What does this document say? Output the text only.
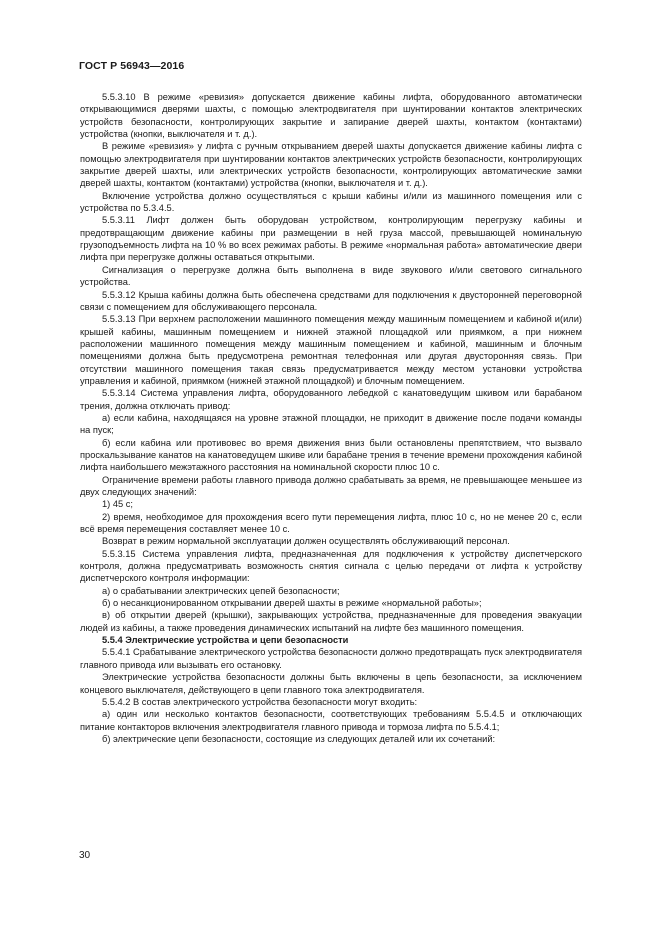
ГОСТ Р 56943—2016

5.5.3.10 В режиме «ревизия» допускается движение кабины лифта, оборудованного автоматически открывающимися дверями шахты, с помощью электродвигателя при шунтировании контактов электрических устройств безопасности, контролирующих закрытие и запирание дверей шахты, контактом (контактами) устройства (кнопки, выключателя и т. д.).

В режиме «ревизия» у лифта с ручным открыванием дверей шахты допускается движение кабины лифта с помощью электродвигателя при шунтировании контактов электрических устройств безопасности, контролирующих закрытие дверей шахты, или электрических устройств безопасности, контролирующих автоматические замки дверей шахты, контактом (контактами) устройства (кнопки, выключателя и т. д.).

Включение устройства должно осуществляться с крыши кабины и/или из машинного помещения или с устройства по 5.3.4.5.

5.5.3.11 Лифт должен быть оборудован устройством, контролирующим перегрузку кабины и предотвращающим движение кабины при размещении в ней груза массой, превышающей номинальную грузоподъемность лифта на 10 % во всех режимах работы. В режиме «нормальная работа» автоматические двери лифта при перегрузке должны оставаться открытыми.

Сигнализация о перегрузке должна быть выполнена в виде звукового и/или светового сигнального устройства.

5.5.3.12 Крыша кабины должна быть обеспечена средствами для подключения к двусторонней переговорной связи с помещением для обслуживающего персонала.

5.5.3.13 При верхнем расположении машинного помещения между машинным помещением и кабиной и(или) крышей кабины, машинным помещением и нижней этажной площадкой или приямком, а при нижнем расположении машинного помещения между машинным помещением и кабиной, машинным и блочным помещениями должна быть предусмотрена ремонтная телефонная или другая двусторонняя связь. При отсутствии машинного помещения такая связь предусматривается между местом установки устройства управления и кабиной, приямком (нижней этажной площадкой) и блочным помещением.

5.5.3.14 Система управления лифта, оборудованного лебедкой с канатоведущим шкивом или барабаном трения, должна отключать привод:

а) если кабина, находящаяся на уровне этажной площадки, не приходит в движение после подачи команды на пуск;

б) если кабина или противовес во время движения вниз были остановлены препятствием, что вызвало проскальзывание канатов на канатоведущем шкиве или барабане трения в течение времени прохождения кабиной лифта наибольшего межэтажного расстояния на номинальной скорости плюс 10 с.

Ограничение времени работы главного привода должно срабатывать за время, не превышающее меньшее из двух следующих значений:

1) 45 с;

2) время, необходимое для прохождения всего пути перемещения лифта, плюс 10 с, но не менее 20 с, если всё время перемещения составляет менее 10 с.

Возврат в режим нормальной эксплуатации должен осуществлять обслуживающий персонал.

5.5.3.15 Система управления лифта, предназначенная для подключения к устройству диспетчерского контроля, должна предусматривать возможность снятия сигнала с целью передачи от лифта к устройству диспетчерского контроля информации:

а) о срабатывании электрических цепей безопасности;

б) о несанкционированном открывании дверей шахты в режиме «нормальной работы»;

в) об открытии дверей (крышки), закрывающих устройства, предназначенные для проведения эвакуации людей из кабины, а также проведения динамических испытаний на лифте без машинного помещения.

5.5.4 Электрические устройства и цепи безопасности

5.5.4.1 Срабатывание электрического устройства безопасности должно предотвращать пуск электродвигателя главного привода или вызывать его остановку.

Электрические устройства безопасности должны быть включены в цепь безопасности, за исключением концевого выключателя, действующего в цепи главного тока электродвигателя.

5.5.4.2 В состав электрического устройства безопасности могут входить:

а) один или несколько контактов безопасности, соответствующих требованиям 5.5.4.5 и отключающих питание контакторов включения электродвигателя главного привода и тормоза лифта по 5.5.4.1;

б) электрические цепи безопасности, состоящие из следующих деталей или их сочетаний:

30
